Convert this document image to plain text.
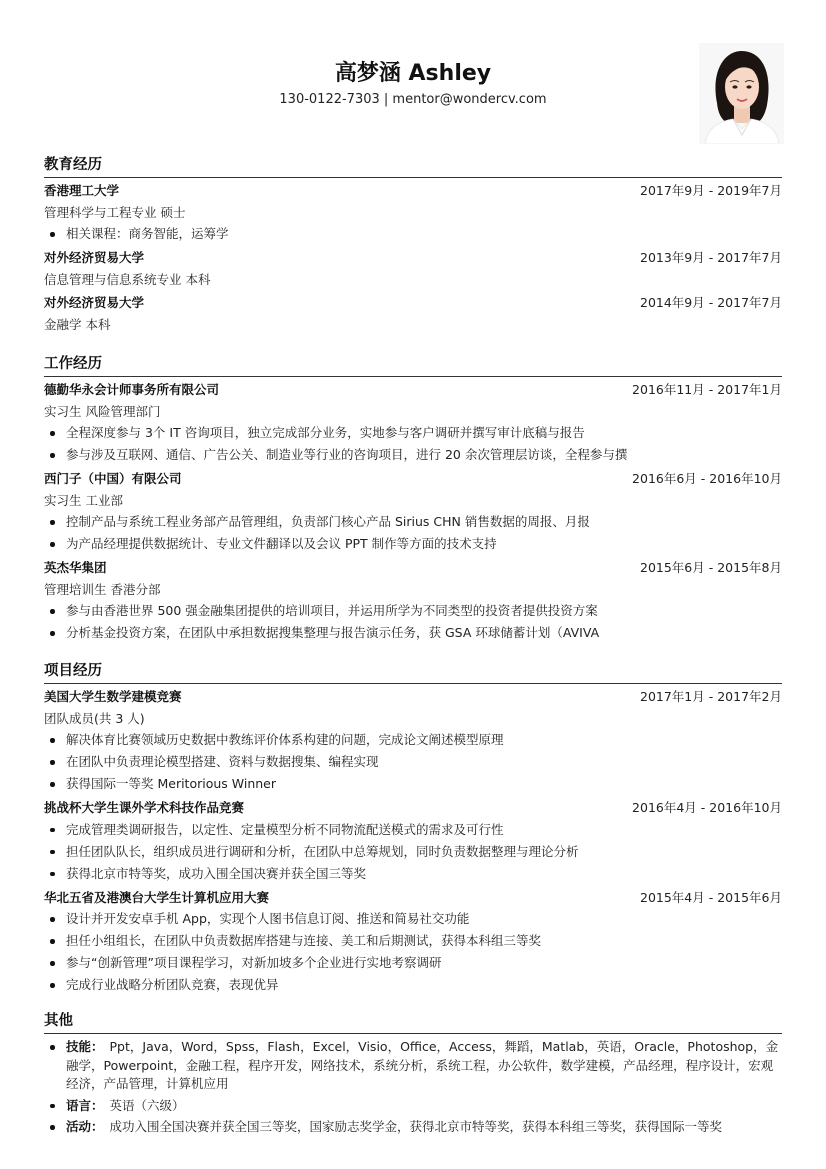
高梦涵 Ashley
130-0122-7303 | mentor@wondercv.com
教育经历
香港理工大学	2017年9月 - 2019年7月
管理科学与工程专业 硕士
相关课程：商务智能，运筹学
对外经济贸易大学	2013年9月 - 2017年7月
信息管理与信息系统专业 本科
对外经济贸易大学	2014年9月 - 2017年7月
金融学 本科
工作经历
德勤华永会计师事务所有限公司	2016年11月 - 2017年1月
实习生 风险管理部门
全程深度参与 3个 IT 咨询项目，独立完成部分业务，实地参与客户调研并撰写审计底稿与报告
参与涉及互联网、通信、广告公关、制造业等行业的咨询项目，进行 20 余次管理层访谈，全程参与撰
西门子（中国）有限公司	2016年6月 - 2016年10月
实习生 工业部
控制产品与系统工程业务部产品管理组，负责部门核心产品 Sirius CHN 销售数据的周报、月报
为产品经理提供数据统计、专业文件翻译以及会议 PPT 制作等方面的技术支持
英杰华集团	2015年6月 - 2015年8月
管理培训生 香港分部
参与由香港世界 500 强金融集团提供的培训项目，并运用所学为不同类型的投资者提供投资方案
分析基金投资方案，在团队中承担数据搜集整理与报告演示任务，获 GSA 环球储蓄计划（AVIVA
项目经历
美国大学生数学建模竞赛	2017年1月 - 2017年2月
团队成员(共 3 人)
解决体育比赛领域历史数据中教练评价体系构建的问题，完成论文阐述模型原理
在团队中负责理论模型搭建、资料与数据搜集、编程实现
获得国际一等奖 Meritorious Winner
挑战杯大学生课外学术科技作品竞赛	2016年4月 - 2016年10月
完成管理类调研报告，以定性、定量模型分析不同物流配送模式的需求及可行性
担任团队队长，组织成员进行调研和分析，在团队中总筹规划，同时负责数据整理与理论分析
获得北京市特等奖，成功入围全国决赛并获全国三等奖
华北五省及港澳台大学生计算机应用大赛	2015年4月 - 2015年6月
设计并开发安卓手机 App，实现个人图书信息订阅、推送和简易社交功能
担任小组组长，在团队中负责数据库搭建与连接、美工和后期测试，获得本科组三等奖
参与“创新管理”项目课程学习，对新加坡多个企业进行实地考察调研
完成行业战略分析团队竞赛，表现优异
其他
技能： Ppt，Java，Word，Spss，Flash，Excel，Visio，Office，Access，舞蹈，Matlab，英语，Oracle，Photoshop，金融学，Powerpoint，金融工程，程序开发，网络技术，系统分析，系统工程，办公软件，数学建模，产品经理，程序设计，宏观经济，产品管理，计算机应用
语言： 英语（六级）
活动： 成功入围全国决赛并获全国三等奖，国家励志奖学金，获得北京市特等奖，获得本科组三等奖，获得国际一等奖
